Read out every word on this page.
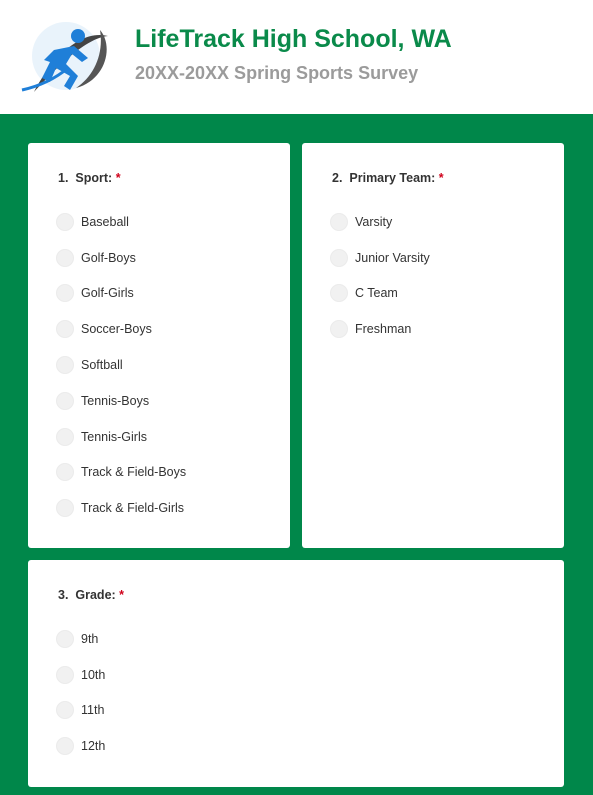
LifeTrack High School, WA
20XX-20XX Spring Sports Survey
1. Sport: *
Baseball
Golf-Boys
Golf-Girls
Soccer-Boys
Softball
Tennis-Boys
Tennis-Girls
Track & Field-Boys
Track & Field-Girls
2. Primary Team: *
Varsity
Junior Varsity
C Team
Freshman
3. Grade: *
9th
10th
11th
12th
